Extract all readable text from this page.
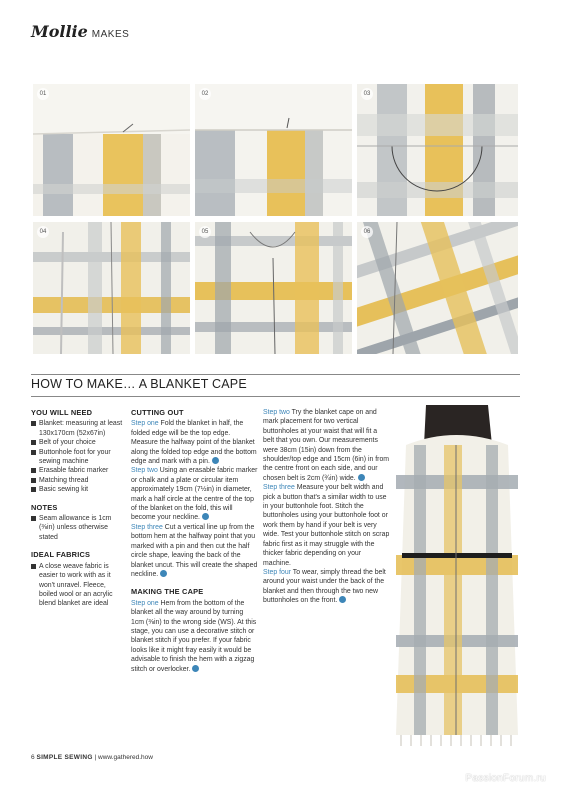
Mollie MAKES
01	02	03
04	05	06
HOW TO MAKE… A BLANKET CAPE
YOU WILL NEED
Blanket: measuring at least 130x170cm (52x67in)
Belt of your choice
Buttonhole foot for your sewing machine
Erasable fabric marker
Matching thread
Basic sewing kit
NOTES
Seam allowance is 1cm (⅜in) unless otherwise stated
IDEAL FABRICS
A close weave fabric is easier to work with as it won't unravel. Fleece, boiled wool or an acrylic blend blanket are ideal
CUTTING OUT

Step one Fold the blanket in half, the folded edge will be the top edge. Measure the halfway point of the blanket along the folded top edge and the bottom edge and mark with a pin.

Step two Using an erasable fabric marker or chalk and a plate or circular item approximately 19cm (7½in) in diameter, mark a half circle at the centre of the top of the blanket on the fold, this will become your neckline.

Step three Cut a vertical line up from the bottom hem at the halfway point that you marked with a pin and then cut the half circle shape, leaving the back of the blanket uncut. This will create the shaped neckline.

MAKING THE CAPE

Step one Hem from the bottom of the blanket all the way around by turning 1cm (⅜in) to the wrong side (WS). At this stage, you can use a decorative stitch or blanket stitch if you prefer. If your fabric looks like it might fray easily it would be advisable to finish the hem with a zigzag stitch or overlocker.

Step two Try the blanket cape on and mark placement for two vertical buttonholes at your waist that will fit a belt that you own. Our measurements were 38cm (15in) down from the shoulder/top edge and 15cm (6in) in from the centre front on each side, and our chosen belt is 2cm (¾in) wide.

Step three Measure your belt width and pick a button that's a similar width to use in your buttonhole foot. Stitch the buttonholes using your buttonhole foot or work them by hand if your belt is very wide. Test your buttonhole stitch on scrap fabric first as it may struggle with the thicker fabric depending on your machine.

Step four To wear, simply thread the belt around your waist under the back of the blanket and then through the two new buttonholes on the front.

6 SIMPLE SEWING | www.gathered.how
PassionForum.ru
